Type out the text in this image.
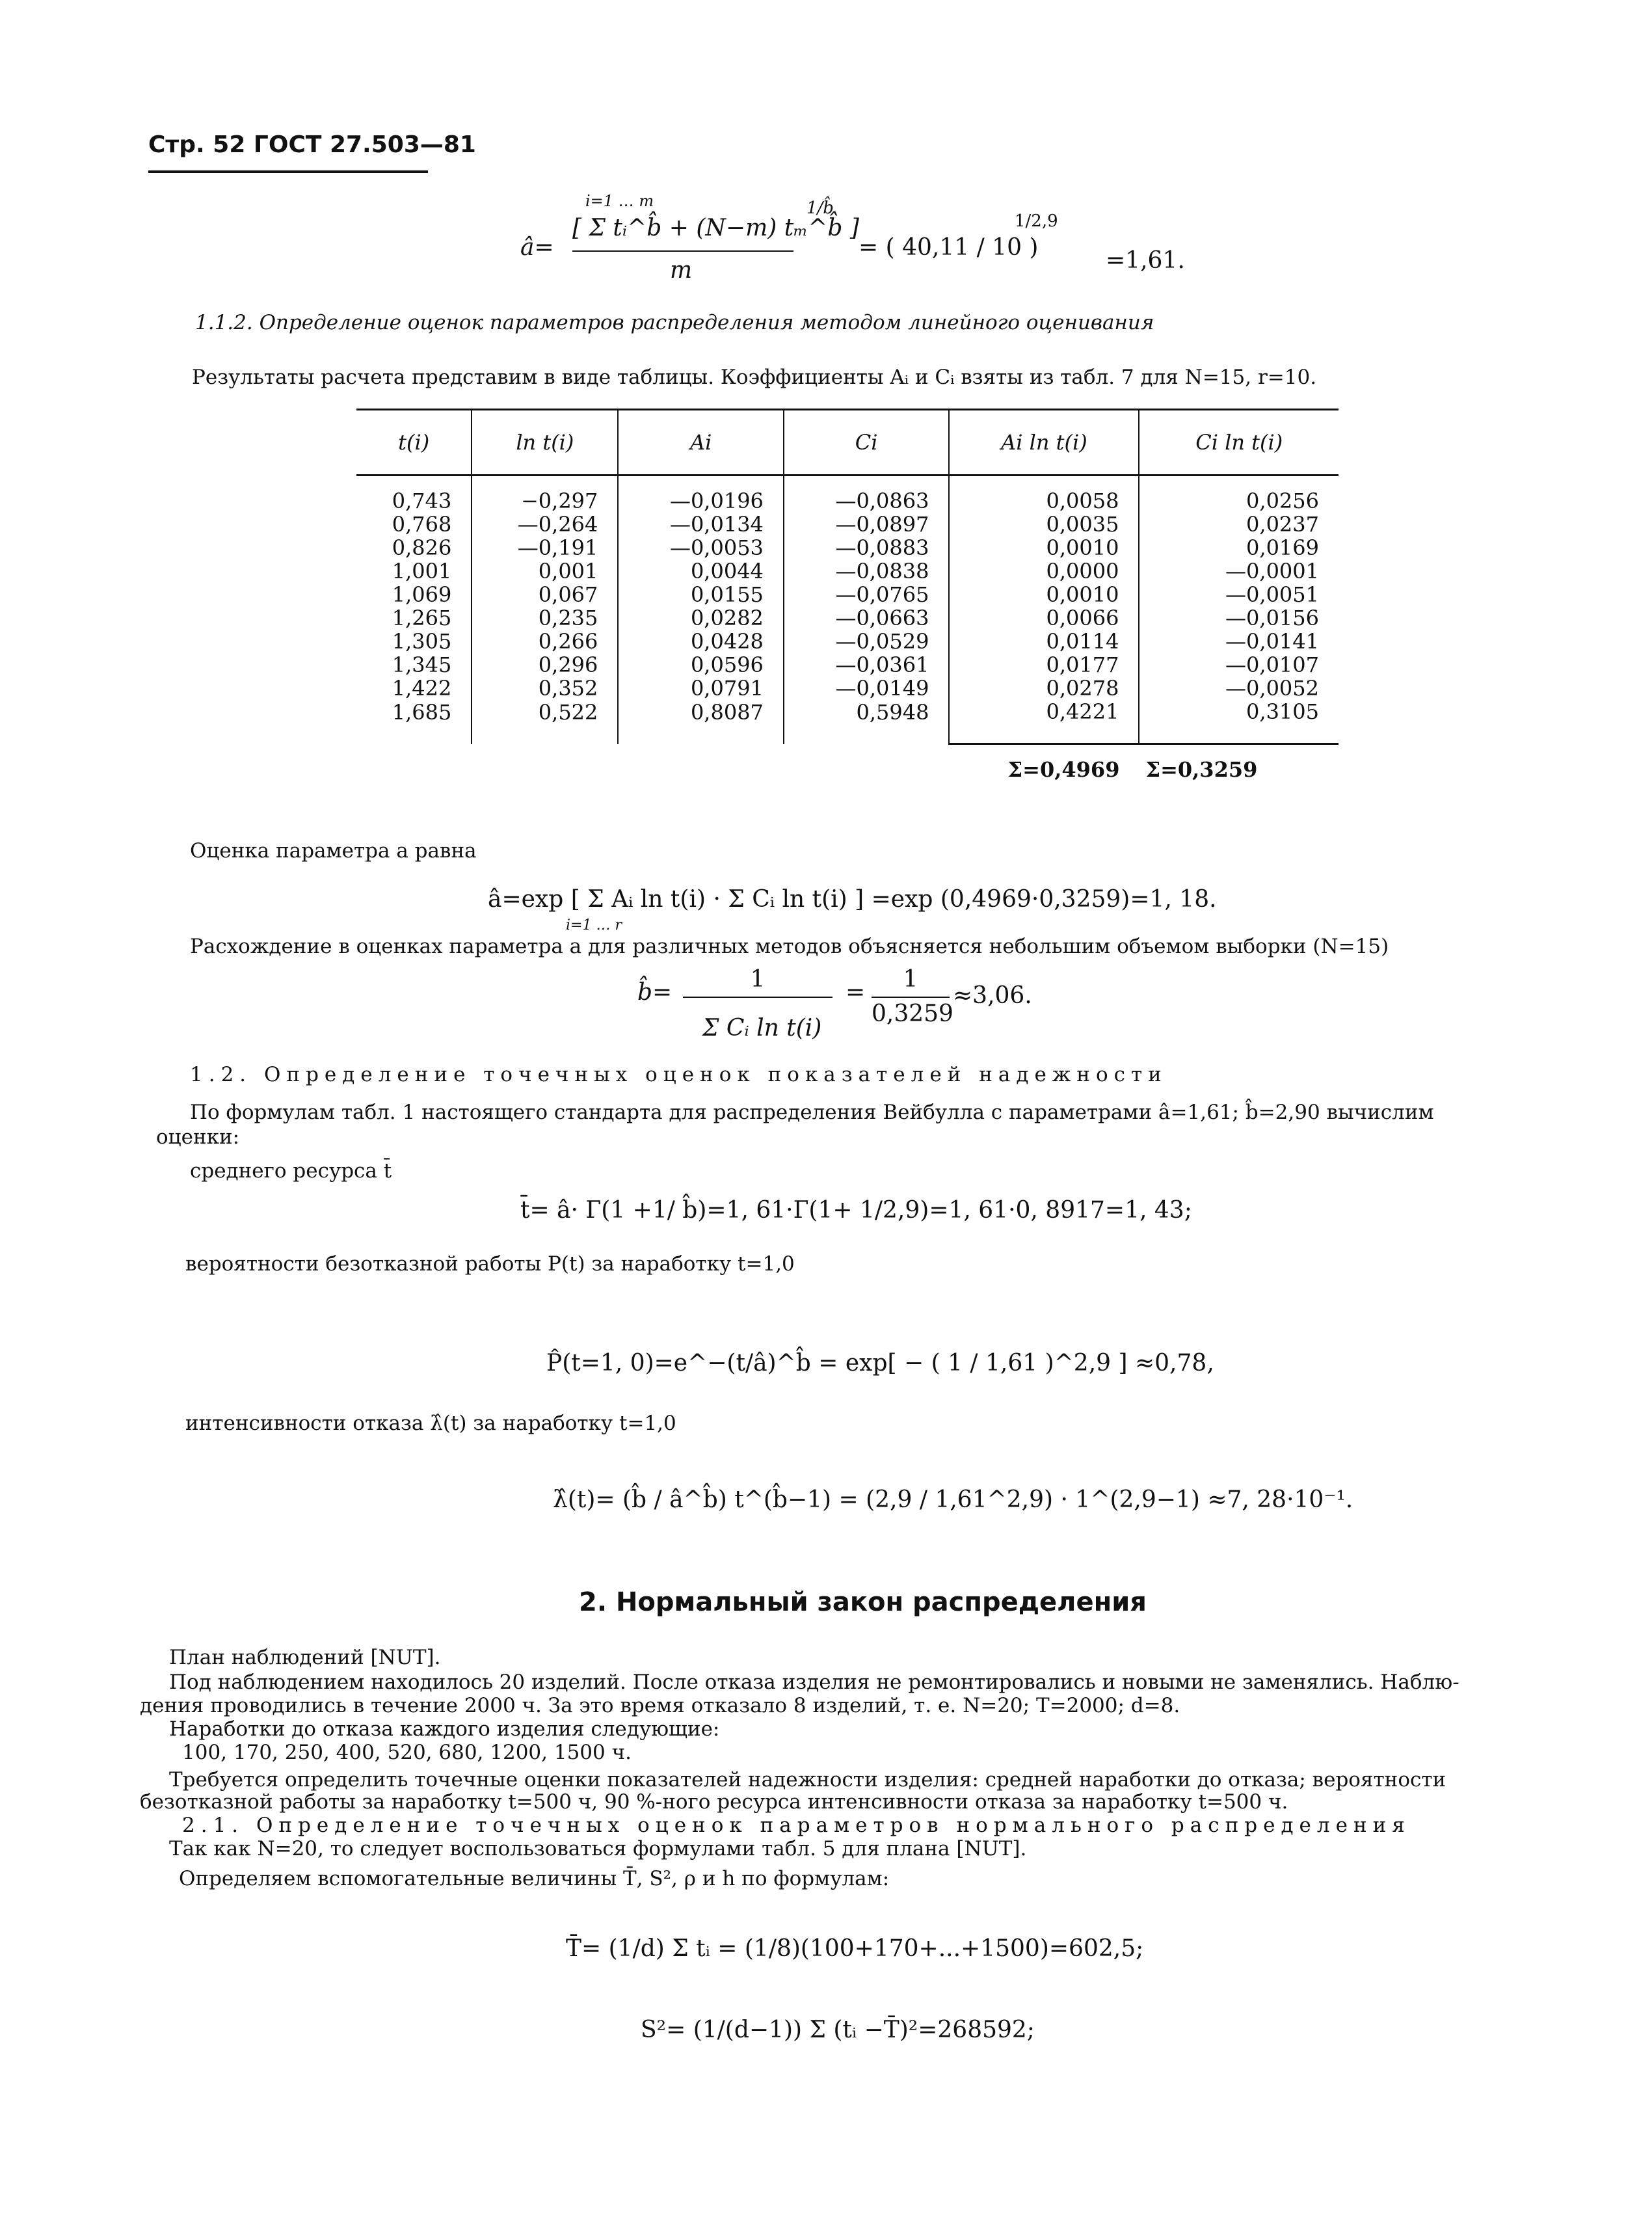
Стр. 52 ГОСТ 27.503—81
â=
[ Σ tᵢ^b̂ + (N−m) tₘ^b̂ ]
i=1 … m	1/b̂
m
= ( 40,11 / 10 )
1/2,9
=1,61.
1.1.2. Определение оценок параметров распределения методом линейного оценивания
Результаты расчета представим в виде таблицы. Коэффициенты Aᵢ и Cᵢ взяты из табл. 7 для N=15, r=10.
t(i)	ln t(i)	Ai	Ci	Ai ln t(i)	Ci ln t(i)
0,743	−0,297	—0,0196	—0,0863	0,0058	0,0256
0,768	—0,264	—0,0134	—0,0897	0,0035	0,0237
0,826	—0,191	—0,0053	—0,0883	0,0010	0,0169
1,001	0,001	0,0044	—0,0838	0,0000	—0,0001
1,069	0,067	0,0155	—0,0765	0,0010	—0,0051
1,265	0,235	0,0282	—0,0663	0,0066	—0,0156
1,305	0,266	0,0428	—0,0529	0,0114	—0,0141
1,345	0,296	0,0596	—0,0361	0,0177	—0,0107
1,422	0,352	0,0791	—0,0149	0,0278	—0,0052
1,685	0,522	0,8087	0,5948	0,4221	0,3105
				Σ=0,4969	Σ=0,3259
Оценка параметра a равна
â=exp [ Σ Aᵢ ln t(i) · Σ Cᵢ ln t(i) ] =exp (0,4969·0,3259)=1, 18.
i=1 … r
Расхождение в оценках параметра a для различных методов объясняется небольшим объемом выборки (N=15)
b̂=	1
Σ Cᵢ ln t(i)
=	1
0,3259
≈3,06.
1.2. Определение точечных оценок показателей надежности
По формулам табл. 1 настоящего стандарта для распределения Вейбулла с параметрами â=1,61; b̂=2,90 вычислим
оценки:
среднего ресурса t̄
t̄= â· Г(1 +1/ b̂)=1, 61·Г(1+ 1/2,9)=1, 61·0, 8917=1, 43;
вероятности безотказной работы P(t) за наработку t=1,0
P̂(t=1, 0)=e^−(t/â)^b̂ = exp[ − ( 1 / 1,61 )^2,9 ] ≈0,78,
интенсивности отказа λ̂(t) за наработку t=1,0
λ̂(t)= (b̂ / â^b̂) t^(b̂−1) = (2,9 / 1,61^2,9) · 1^(2,9−1) ≈7, 28·10⁻¹.
2. Нормальный закон распределения
План наблюдений [NUT].
Под наблюдением находилось 20 изделий. После отказа изделия не ремонтировались и новыми не заменялись. Наблю-
дения проводились в течение 2000 ч. За это время отказало 8 изделий, т. е. N=20; T=2000; d=8.
Наработки до отказа каждого изделия следующие:
100, 170, 250, 400, 520, 680, 1200, 1500 ч.
Требуется определить точечные оценки показателей надежности изделия: средней наработки до отказа; вероятности
безотказной работы за наработку t=500 ч, 90 %-ного ресурса интенсивности отказа за наработку t=500 ч.
2.1. Определение точечных оценок параметров нормального распределения
Так как N=20, то следует воспользоваться формулами табл. 5 для плана [NUT].
Определяем вспомогательные величины T̄, S², ρ и h по формулам:
T̄= (1/d) Σ tᵢ = (1/8)(100+170+...+1500)=602,5;
S²= (1/(d−1)) Σ (tᵢ −T̄)²=268592;
